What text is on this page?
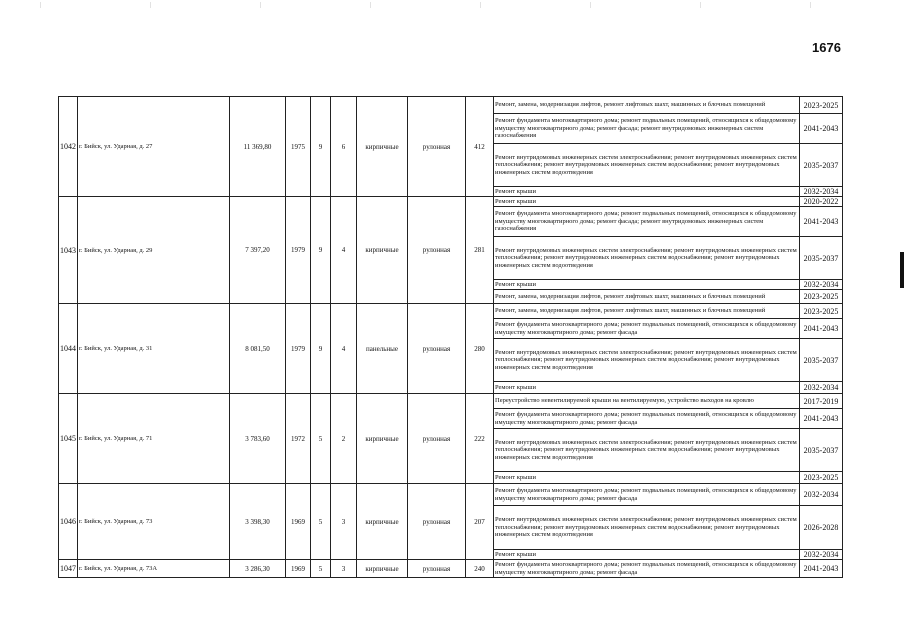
1676
1042	г. Бийск, ул. Ударная, д. 27	11 369,80	1975	9	6	кирпичные	рулонная	412	Ремонт, замена, модернизация лифтов, ремонт лифтовых шахт, машинных и блочных помещений	2023-2025
									Ремонт фундамента многоквартирного дома; ремонт подвальных помещений, относящихся к общедомовому имуществу многоквартирного дома; ремонт фасада; ремонт внутридомовых инженерных систем газоснабжения	2041-2043
									Ремонт внутридомовых инженерных систем электроснабжения; ремонт внутридомовых инженерных систем теплоснабжения; ремонт внутридомовых инженерных систем водоснабжения; ремонт внутридомовых инженерных систем водоотведения	2035-2037
									Ремонт крыши	2032-2034
1043	г. Бийск, ул. Ударная, д. 29	7 397,20	1979	9	4	кирпичные	рулонная	281	Ремонт крыши	2020-2022
									Ремонт фундамента многоквартирного дома; ремонт подвальных помещений, относящихся к общедомовому имуществу многоквартирного дома; ремонт фасада; ремонт внутридомовых инженерных систем газоснабжения	2041-2043
									Ремонт внутридомовых инженерных систем электроснабжения; ремонт внутридомовых инженерных систем теплоснабжения; ремонт внутридомовых инженерных систем водоснабжения; ремонт внутридомовых инженерных систем водоотведения	2035-2037
									Ремонт крыши	2032-2034
									Ремонт, замена, модернизация лифтов, ремонт лифтовых шахт, машинных и блочных помещений	2023-2025
1044	г. Бийск, ул. Ударная, д. 31	8 081,50	1979	9	4	панельные	рулонная	280	Ремонт, замена, модернизация лифтов, ремонт лифтовых шахт, машинных и блочных помещений	2023-2025
									Ремонт фундамента многоквартирного дома; ремонт подвальных помещений, относящихся к общедомовому имуществу многоквартирного дома; ремонт фасада	2041-2043
									Ремонт внутридомовых инженерных систем электроснабжения; ремонт внутридомовых инженерных систем теплоснабжения; ремонт внутридомовых инженерных систем водоснабжения; ремонт внутридомовых инженерных систем водоотведения	2035-2037
									Ремонт крыши	2032-2034
1045	г. Бийск, ул. Ударная, д. 71	3 783,60	1972	5	2	кирпичные	рулонная	222	Переустройство невентилируемой крыши на вентилируемую, устройство выходов на кровлю	2017-2019
									Ремонт фундамента многоквартирного дома; ремонт подвальных помещений, относящихся к общедомовому имуществу многоквартирного дома; ремонт фасада	2041-2043
									Ремонт внутридомовых инженерных систем электроснабжения; ремонт внутридомовых инженерных систем теплоснабжения; ремонт внутридомовых инженерных систем водоснабжения; ремонт внутридомовых инженерных систем водоотведения	2035-2037
									Ремонт крыши	2023-2025
1046	г. Бийск, ул. Ударная, д. 73	3 398,30	1969	5	3	кирпичные	рулонная	207	Ремонт фундамента многоквартирного дома; ремонт подвальных помещений, относящихся к общедомовому имуществу многоквартирного дома; ремонт фасада	2032-2034
									Ремонт внутридомовых инженерных систем электроснабжения; ремонт внутридомовых инженерных систем теплоснабжения; ремонт внутридомовых инженерных систем водоснабжения; ремонт внутридомовых инженерных систем водоотведения	2026-2028
									Ремонт крыши	2032-2034
1047	г. Бийск, ул. Ударная, д. 73А	3 286,30	1969	5	3	кирпичные	рулонная	240	Ремонт фундамента многоквартирного дома; ремонт подвальных помещений, относящихся к общедомовому имуществу многоквартирного дома; ремонт фасада	2041-2043
